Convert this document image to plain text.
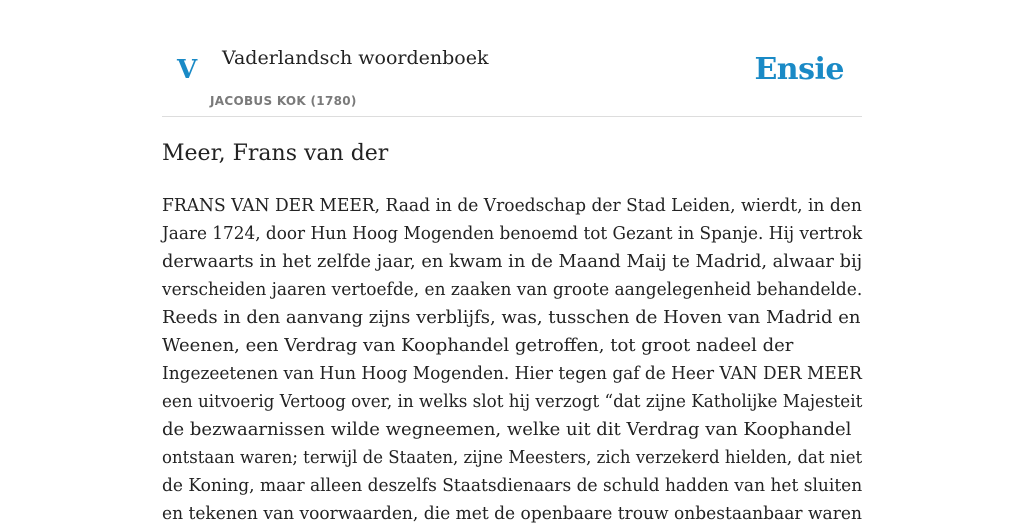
V Vaderlandsch woordenboek
JACOBUS KOK (1780)
Ensie
Meer, Frans van der
FRANS VAN DER MEER, Raad in de Vroedschap der Stad Leiden, wierdt, in den
Jaare 1724, door Hun Hoog Mogenden benoemd tot Gezant in Spanje. Hij vertrok
derwaarts in het zelfde jaar, en kwam in de Maand Maij te Madrid, alwaar bij
verscheiden jaaren vertoefde, en zaaken van groote aangelegenheid behandelde.
Reeds in den aanvang zijns verblijfs, was, tusschen de Hoven van Madrid en
Weenen, een Verdrag van Koophandel getroffen, tot groot nadeel der
Ingezeetenen van Hun Hoog Mogenden. Hier tegen gaf de Heer VAN DER MEER
een uitvoerig Vertoog over, in welks slot hij verzogt “dat zijne Katholijke Majesteit
de bezwaarnissen wilde wegneemen, welke uit dit Verdrag van Koophandel
ontstaan waren; terwijl de Staaten, zijne Meesters, zich verzekerd hielden, dat niet
de Koning, maar alleen deszelfs Staatsdienaars de schuld hadden van het sluiten
en tekenen van voorwaarden, die met de openbaare trouw onbestaanbaar waren
